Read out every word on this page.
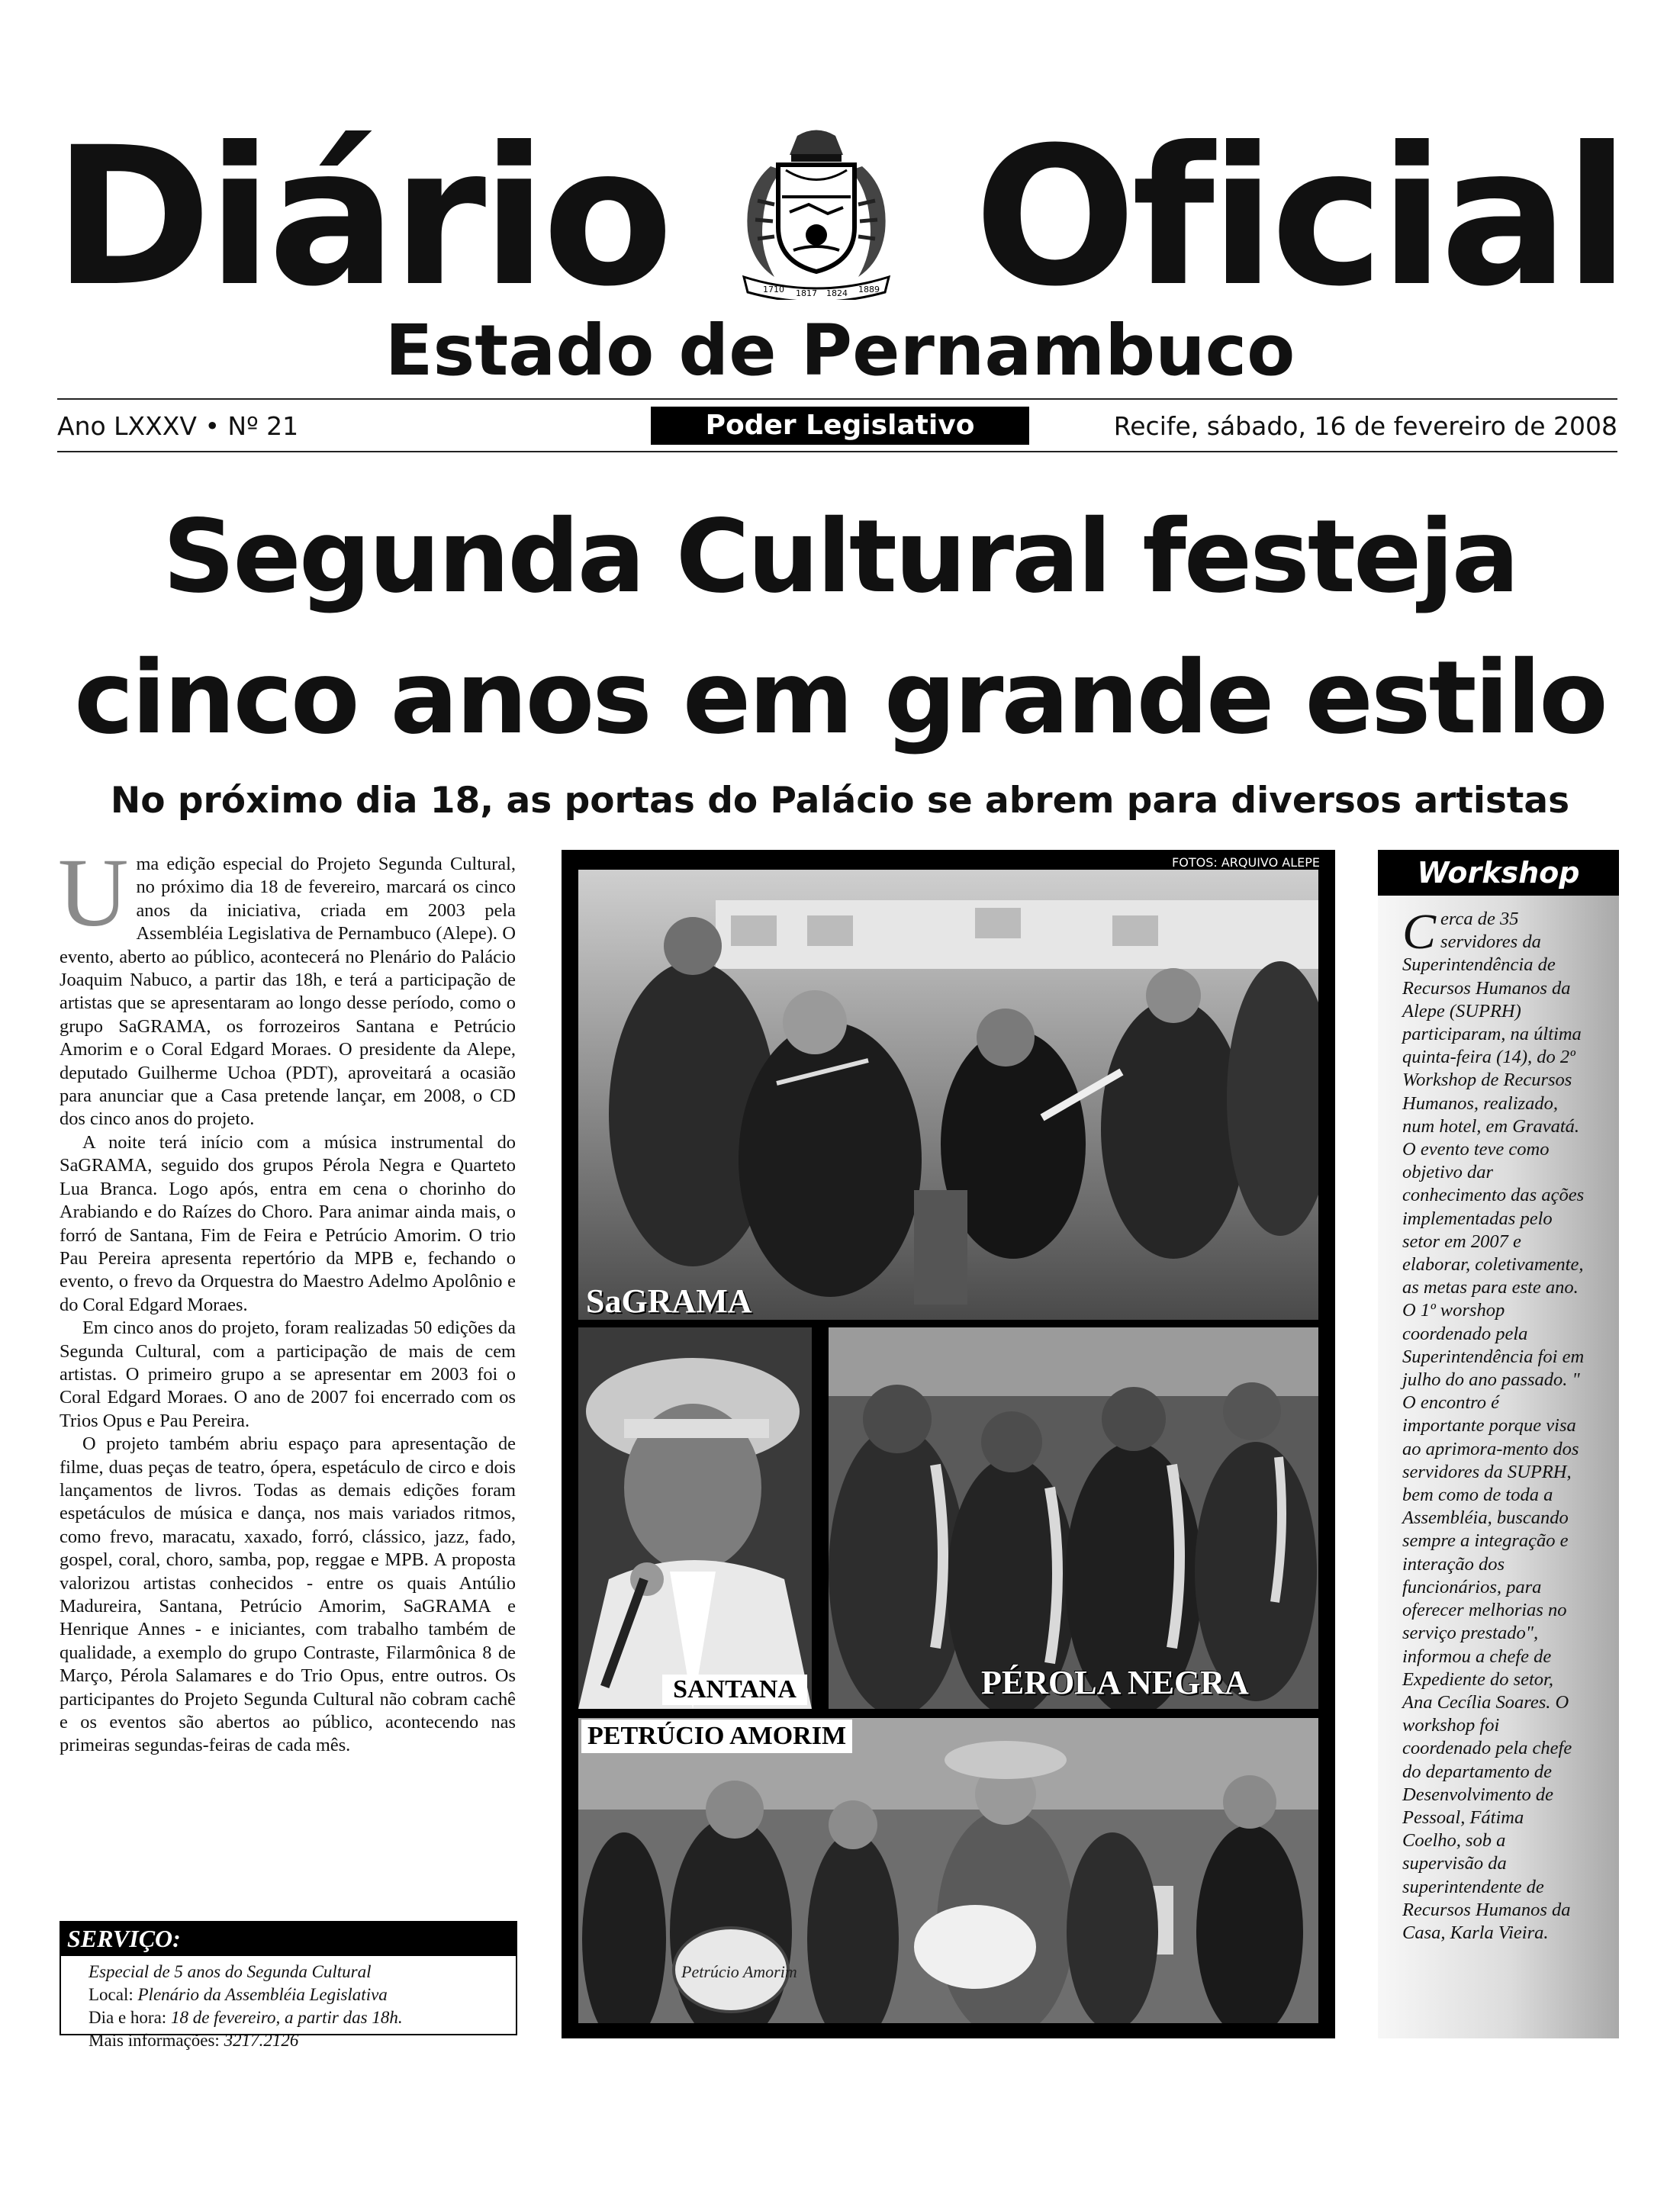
Diário Oficial
1710 1817 1824 1889
Estado de Pernambuco
Ano LXXXV • Nº 21	Poder Legislativo	Recife, sábado, 16 de fevereiro de 2008
Segunda Cultural festeja
cinco anos em grande estilo
No próximo dia 18, as portas do Palácio se abrem para diversos artistas

Uma edição especial do Projeto Segunda Cultural, no próximo dia 18 de fevereiro, marcará os cinco anos da iniciativa, criada em 2003 pela Assembléia Legislativa de Pernambuco (Alepe). O evento, aberto ao público, acontecerá no Plenário do Palácio Joaquim Nabuco, a partir das 18h, e terá a participação de artistas que se apresentaram ao longo desse período, como o grupo SaGRAMA, os forrozeiros Santana e Petrúcio Amorim e o Coral Edgard Moraes. O presidente da Alepe, deputado Guilherme Uchoa (PDT), aproveitará a ocasião para anunciar que a Casa pretende lançar, em 2008, o CD dos cinco anos do projeto.

A noite terá início com a música instrumental do SaGRAMA, seguido dos grupos Pérola Negra e Quarteto Lua Branca. Logo após, entra em cena o chorinho do Arabiando e do Raízes do Choro. Para animar ainda mais, o forró de Santana, Fim de Feira e Petrúcio Amorim. O trio Pau Pereira apresenta repertório da MPB e, fechando o evento, o frevo da Orquestra do Maestro Adelmo Apolônio e do Coral Edgard Moraes.

Em cinco anos do projeto, foram realizadas 50 edições da Segunda Cultural, com a participação de mais de cem artistas. O primeiro grupo a se apresentar em 2003 foi o Coral Edgard Moraes. O ano de 2007 foi encerrado com os Trios Opus e Pau Pereira.

O projeto também abriu espaço para apresentação de filme, duas peças de teatro, ópera, espetáculo de circo e dois lançamentos de livros. Todas as demais edições foram espetáculos de música e dança, nos mais variados ritmos, como frevo, maracatu, xaxado, forró, clássico, jazz, fado, gospel, coral, choro, samba, pop, reggae e MPB. A proposta valorizou artistas conhecidos - entre os quais Antúlio Madureira, Santana, Petrúcio Amorim, SaGRAMA e Henrique Annes - e iniciantes, com trabalho também de qualidade, a exemplo do grupo Contraste, Filarmônica 8 de Março, Pérola Salamares e do Trio Opus, entre outros. Os participantes do Projeto Segunda Cultural não cobram cachê e os eventos são abertos ao público, acontecendo nas primeiras segundas-feiras de cada mês.

SERVIÇO:
Especial de 5 anos do Segunda Cultural
Local: Plenário da Assembléia Legislativa
Dia e hora: 18 de fevereiro, a partir das 18h.
Mais informações: 3217.2126
FOTOS: ARQUIVO ALEPE
SaGRAMA
SANTANA	PÉROLA NEGRA
Petrúcio Amorim
PETRÚCIO AMORIM
Workshop
Cerca de 35 servidores da Superintendência de Recursos Humanos da Alepe (SUPRH) participaram, na última quinta-feira (14), do 2º Workshop de Recursos Humanos, realizado, num hotel, em Gravatá. O evento teve como objetivo dar conhecimento das ações implementadas pelo setor em 2007 e elaborar, coletivamente, as metas para este ano. O 1º worshop coordenado pela Superintendência foi em julho do ano passado. " O encontro é importante porque visa ao aprimora-mento dos servidores da SUPRH, bem como de toda a Assembléia, buscando sempre a integração e interação dos funcionários, para oferecer melhorias no serviço prestado", informou a chefe de Expediente do setor, Ana Cecília Soares. O workshop foi coordenado pela chefe do departamento de Desenvolvimento de Pessoal, Fátima Coelho, sob a supervisão da superintendente de Recursos Humanos da Casa, Karla Vieira.
